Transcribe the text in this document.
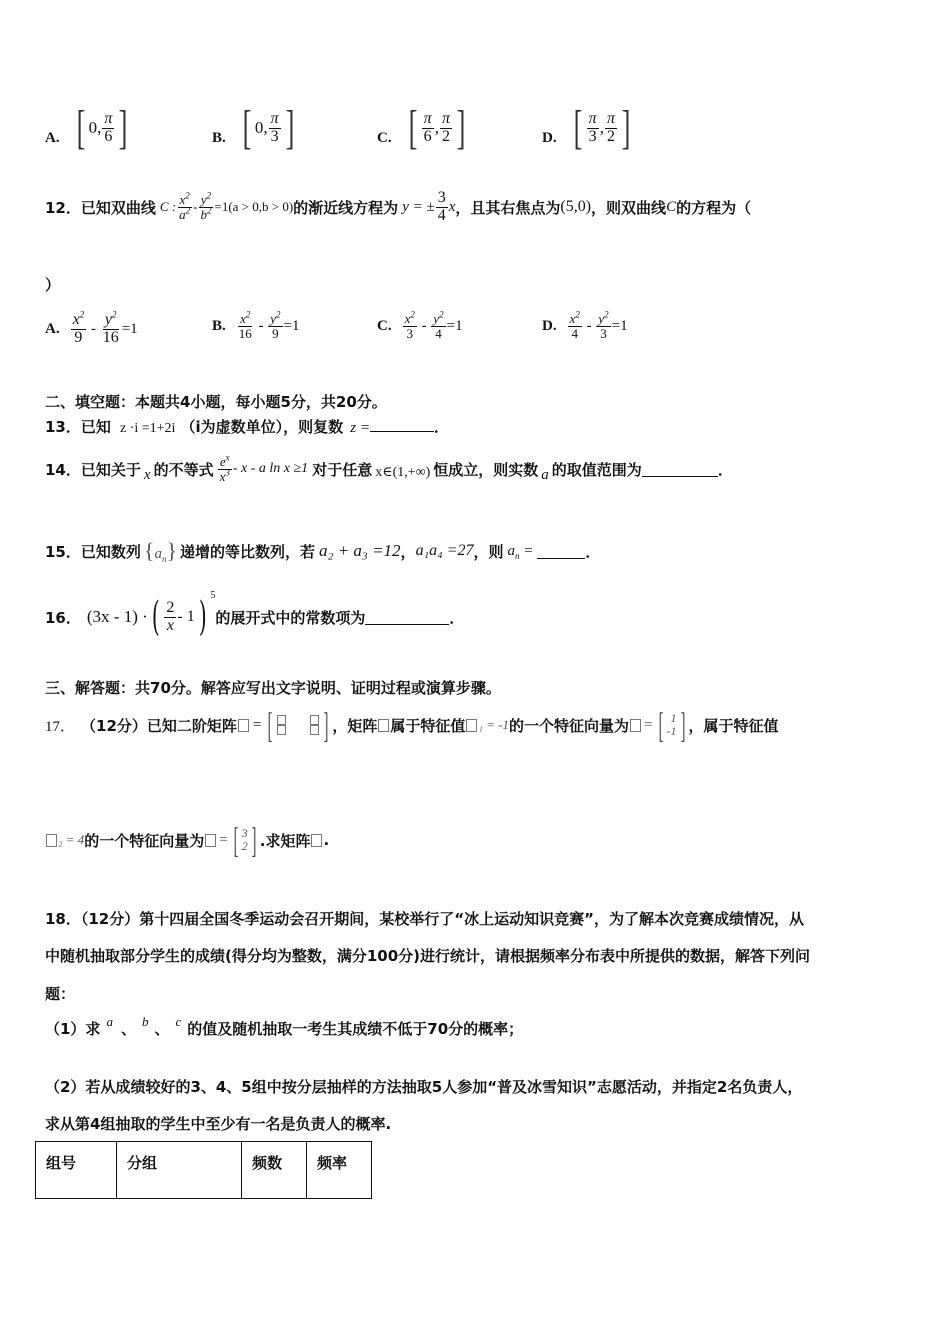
A. [ 0, $\frac{\pi}{6}$ ]	B. [ 0, $\frac{\pi}{3}$ ]	C. [ $\frac{\pi}{6}$ , $\frac{\pi}{2}$ ]	D. [ $\frac{\pi}{3}$ , $\frac{\pi}{2}$ ]
12． 已知双曲线 C : $\frac{x^2}{a^2} - \frac{y^2}{b^2} =1(a > 0,b > 0)$ 的渐近线方程为 y = ± $\frac{3}{4}$ x ，且其右焦点为 (5,0) ，则双曲线 C 的方程为（
）
A. $\frac{x^2}{9} - \frac{y^2}{16} =1$	B. $\frac{x^2}{16} - \frac{y^2}{9} =1$	C. $\frac{x^2}{3} - \frac{y^2}{4} =1$	D. $\frac{x^2}{4} - \frac{y^2}{3} =1$
二、填空题：本题共4小题，每小题5分，共20分。
13．已知 z ·i =1+2i （i为虚数单位），则复数 z =	．
14． 已知关于 x 的不等式 $\frac{e^x}{x^3}$ - x - a ln x ≥1 对于任意 x∈(1,+∞) 恒成立，则实数 a 的取值范围为	．
15． 已知数列 $\{a_n\}$ 递增的等比数列，若 a₂ + a₃ =12 ， a₁a₄ =27 ，则 $a_n$ =	．
16． (3x - 1) · ( $\frac{2}{x} - 1$ ) 5
的展开式中的常数项为	．
三、解答题：共70分。解答应写出文字说明、证明过程或演算步骤。
17． （12分）已知二阶矩阵 = [ ] ，矩阵 属于特征值 ₁ = -1 的一个特征向量为 = [ 1
-1 ] ，属于特征值
₂ = 4 的一个特征向量为 = [ 3
2 ] .求矩阵 .
18．（12分）第十四届全国冬季运动会召开期间，某校举行了“冰上运动知识竞赛”，为了解本次竞赛成绩情况，从
中随机抽取部分学生的成绩(得分均为整数，满分100分)进行统计，请根据频率分布表中所提供的数据，解答下列问
题：
（1）求 a 、 b 、 c 的值及随机抽取一考生其成绩不低于70分的概率；
（2）若从成绩较好的3、4、5组中按分层抽样的方法抽取5人参加“普及冰雪知识”志愿活动，并指定2名负责人，
求从第4组抽取的学生中至少有一名是负责人的概率.
组号	分组	频数	频率
